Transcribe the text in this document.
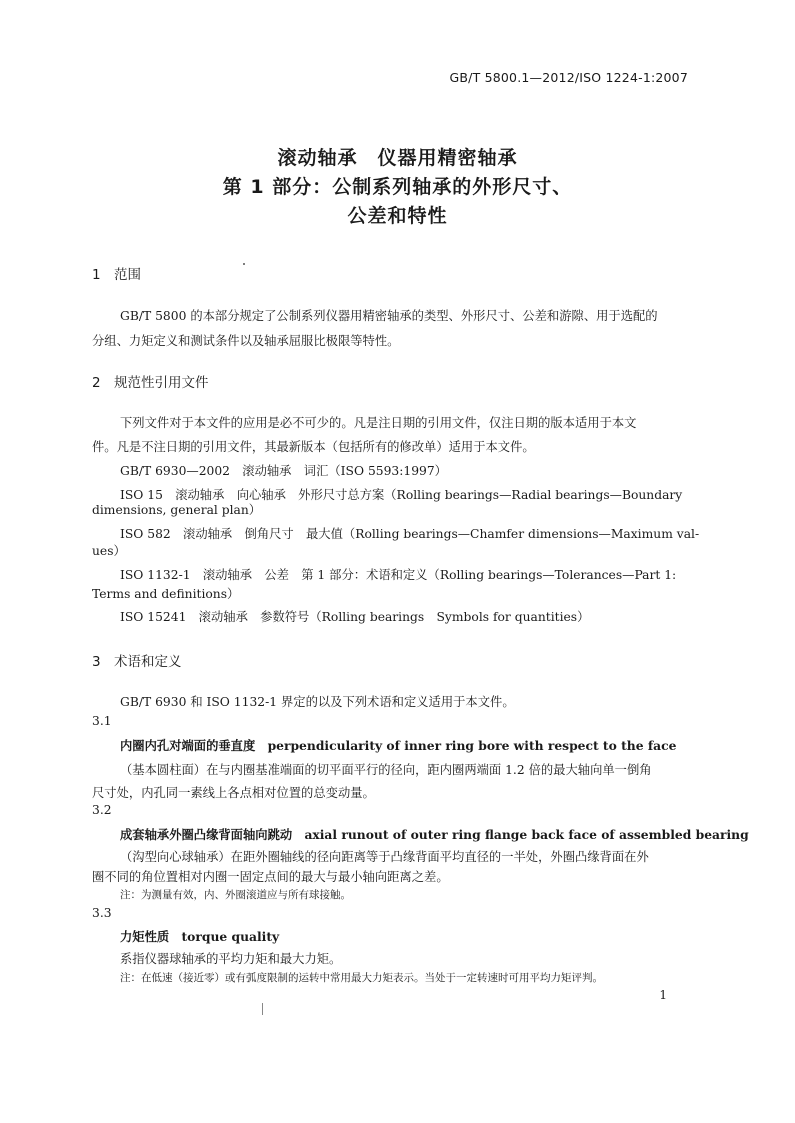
GB/T 5800.1—2012/ISO 1224-1:2007
滚动轴承　仪器用精密轴承
第 1 部分：公制系列轴承的外形尺寸、
公差和特性
1 范围
GB/T 5800 的本部分规定了公制系列仪器用精密轴承的类型、外形尺寸、公差和游隙、用于选配的
分组、力矩定义和测试条件以及轴承屈服比极限等特性。
2 规范性引用文件
下列文件对于本文件的应用是必不可少的。凡是注日期的引用文件，仅注日期的版本适用于本文
件。凡是不注日期的引用文件，其最新版本（包括所有的修改单）适用于本文件。
GB/T 6930—2002　滚动轴承　词汇（ISO 5593:1997）
ISO 15　滚动轴承　向心轴承　外形尺寸总方案（Rolling bearings—Radial bearings—Boundary
dimensions, general plan）
ISO 582　滚动轴承　倒角尺寸　最大值（Rolling bearings—Chamfer dimensions—Maximum val-
ues）
ISO 1132-1　滚动轴承　公差　第 1 部分：术语和定义（Rolling bearings—Tolerances—Part 1:
Terms and definitions）
ISO 15241　滚动轴承　参数符号（Rolling bearings　Symbols for quantities）
3 术语和定义
GB/T 6930 和 ISO 1132-1 界定的以及下列术语和定义适用于本文件。
3.1
内圈内孔对端面的垂直度　perpendicularity of inner ring bore with respect to the face
（基本圆柱面）在与内圈基准端面的切平面平行的径向，距内圈两端面 1.2 倍的最大轴向单一倒角
尺寸处，内孔同一素线上各点相对位置的总变动量。
3.2
成套轴承外圈凸缘背面轴向跳动　axial runout of outer ring flange back face of assembled bearing
（沟型向心球轴承）在距外圈轴线的径向距离等于凸缘背面平均直径的一半处，外圈凸缘背面在外
圈不同的角位置相对内圈一固定点间的最大与最小轴向距离之差。
注：为测量有效，内、外圈滚道应与所有球接触。
3.3
力矩性质　torque quality
系指仪器球轴承的平均力矩和最大力矩。
注：在低速（接近零）或有弧度限制的运转中常用最大力矩表示。当处于一定转速时可用平均力矩评判。
1
